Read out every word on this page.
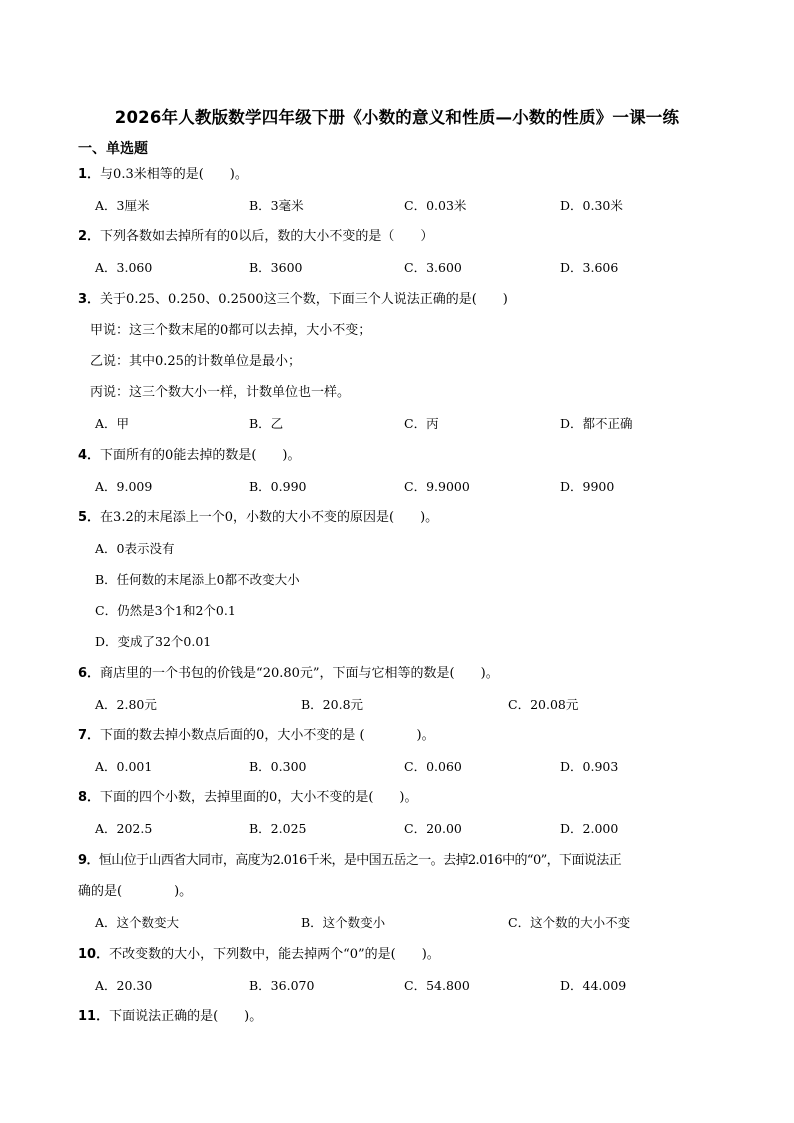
2026年人教版数学四年级下册《小数的意义和性质—小数的性质》一课一练
一、单选题
1．与0.3米相等的是(　　)。
A．3厘米	B．3毫米	C．0.03米	D．0.30米
2．下列各数如去掉所有的0以后，数的大小不变的是（　　）
A．3.060	B．3600	C．3.600	D．3.606
3．关于0.25、0.250、0.2500这三个数，下面三个人说法正确的是(　　)
甲说：这三个数末尾的0都可以去掉，大小不变；
乙说：其中0.25的计数单位是最小；
丙说：这三个数大小一样，计数单位也一样。
A．甲	B．乙	C．丙	D．都不正确
4．下面所有的0能去掉的数是(　　)。
A．9.009	B．0.990	C．9.9000	D．9900
5．在3.2的末尾添上一个0，小数的大小不变的原因是(　　)。
A．0表示没有
B．任何数的末尾添上0都不改变大小
C．仍然是3个1和2个0.1
D．变成了32个0.01
6．商店里的一个书包的价钱是“20.80元”，下面与它相等的数是(　　)。
A．2.80元	B．20.8元	C．20.08元
7．下面的数去掉小数点后面的0，大小不变的是 (　　　　)。
A．0.001	B．0.300	C．0.060	D．0.903
8．下面的四个小数，去掉里面的0，大小不变的是(　　)。
A．202.5	B．2.025	C．20.00	D．2.000
9．恒山位于山西省大同市，高度为2.016千米，是中国五岳之一。去掉2.016中的“0”，下面说法正
确的是(　　　　)。
A．这个数变大	B．这个数变小	C．这个数的大小不变
10．不改变数的大小，下列数中，能去掉两个“0”的是(　　)。
A．20.30	B．36.070	C．54.800	D．44.009
11．下面说法正确的是(　　)。
